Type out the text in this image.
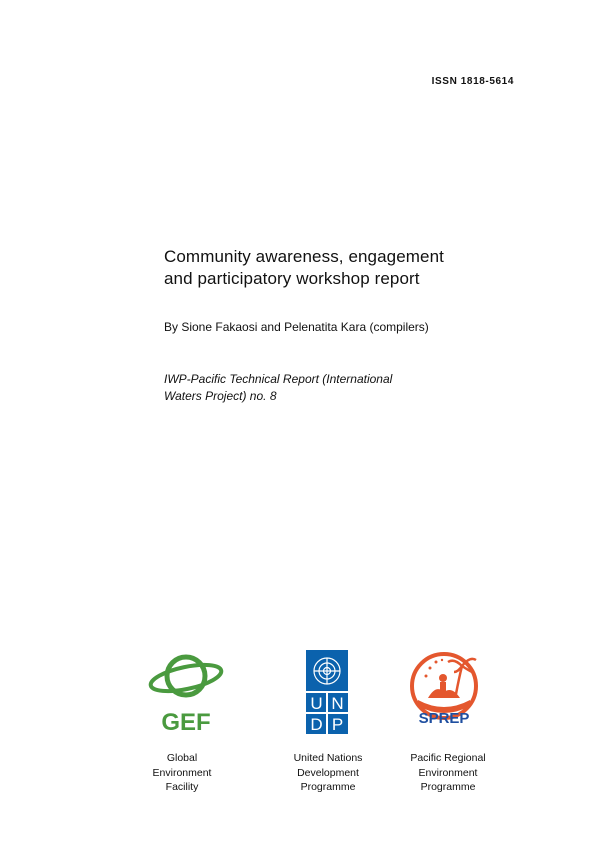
ISSN 1818-5614
Community awareness, engagement
and participatory workshop report
By Sione Fakaosi and Pelenatita Kara (compilers)
IWP-Pacific Technical Report (International
Waters Project) no. 8
GEF
U N
D P	SPREP
Global
Environment
Facility
United Nations
Development
Programme
Pacific Regional
Environment
Programme
